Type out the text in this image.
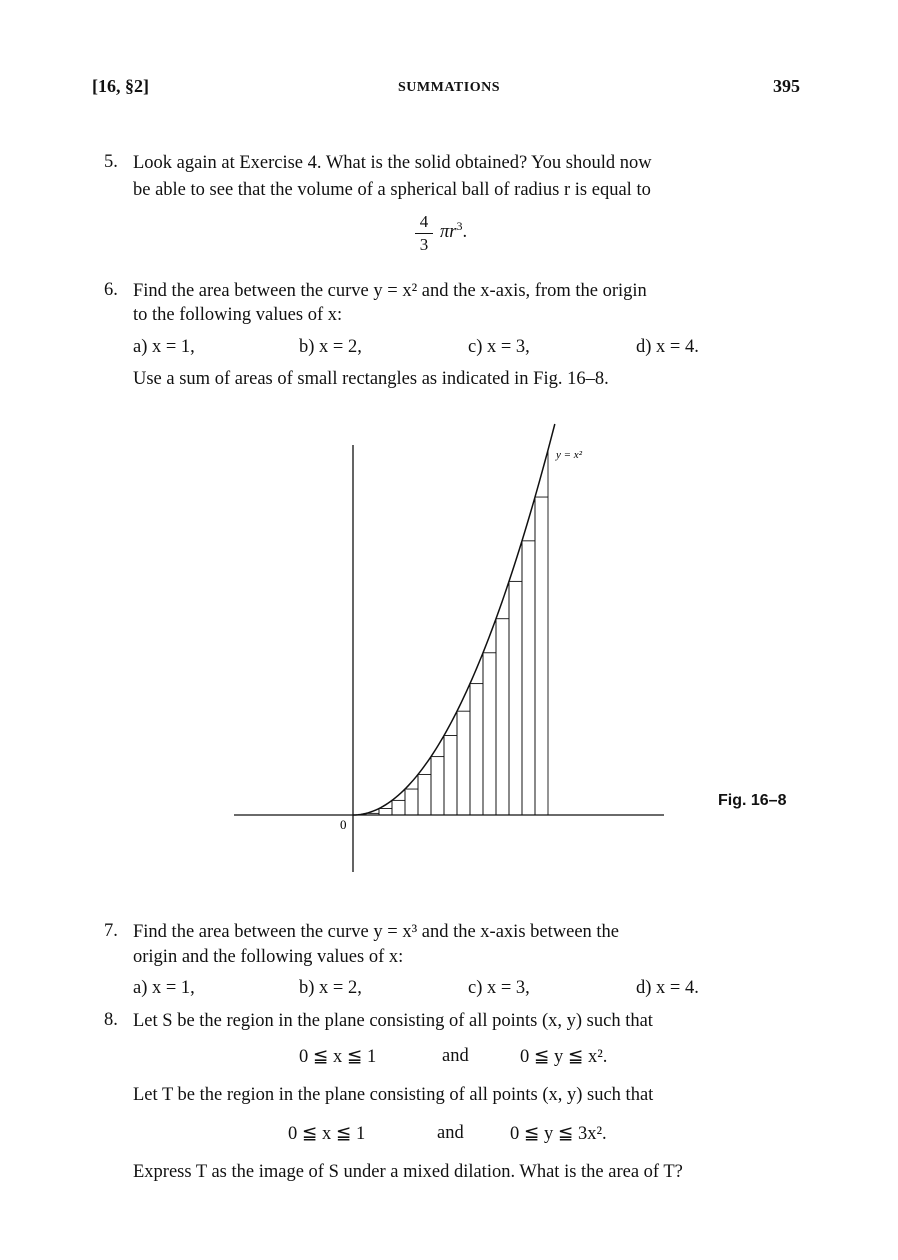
[16, §2]	SUMMATIONS	395
5. Look again at Exercise 4. What is the solid obtained? You should now
be able to see that the volume of a spherical ball of radius r is equal to
4
3
$\pi r^3$.
6. Find the area between the curve y = x² and the x-axis, from the origin
to the following values of x:
a) x = 1,	b) x = 2,	c) x = 3,	d) x = 4.
Use a sum of areas of small rectangles as indicated in Fig. 16–8.
y = x²
0
Fig. 16–8
7. Find the area between the curve y = x³ and the x-axis between the
origin and the following values of x:
a) x = 1,	b) x = 2,	c) x = 3,	d) x = 4.
8. Let S be the region in the plane consisting of all points (x, y) such that
0 ≦ x ≦ 1	and	0 ≦ y ≦ x².
Let T be the region in the plane consisting of all points (x, y) such that
0 ≦ x ≦ 1	and	0 ≦ y ≦ 3x².
Express T as the image of S under a mixed dilation. What is the area of T?
